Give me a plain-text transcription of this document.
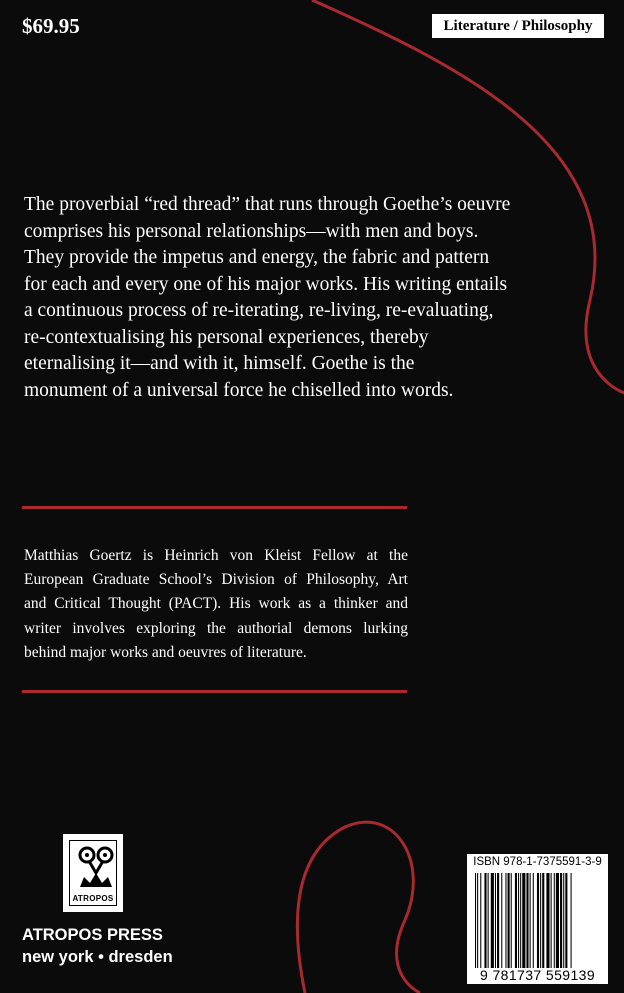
$69.95	Literature / Philosophy

The proverbial “red thread” that runs through Goethe’s oeuvre
comprises his personal relationships—with men and boys.
They provide the impetus and energy, the fabric and pattern
for each and every one of his major works. His writing entails
a continuous process of re-iterating, re-living, re-evaluating,
re-contextualising his personal experiences, thereby
eternalising it—and with it, himself. Goethe is the
monument of a universal force he chiselled into words.

Matthias Goertz is Heinrich von Kleist Fellow at the
European Graduate School’s Division of Philosophy, Art
and Critical Thought (PACT). His work as a thinker and
writer involves exploring the authorial demons lurking
behind major works and oeuvres of literature.

ATROPOS
ATROPOS PRESS
new york • dresden
ISBN 978-1-7375591-3-9
9 781737 559139
